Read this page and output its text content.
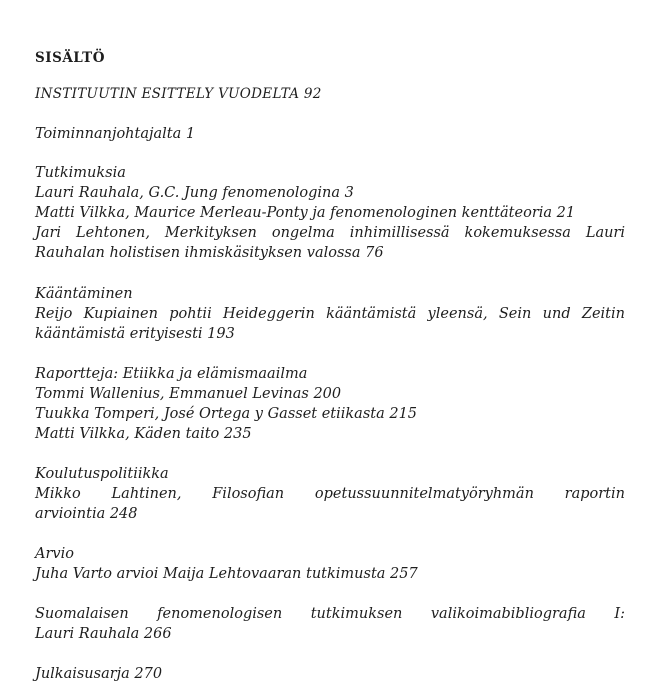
SISÄLTÖ
INSTITUUTIN ESITTELY VUODELTA 92
Toiminnanjohtajalta 1
Tutkimuksia
Lauri Rauhala, G.C. Jung fenomenologina 3
Matti Vilkka, Maurice Merleau-Ponty ja fenomenologinen kenttäteoria 21
Jari Lehtonen, Merkityksen ongelma inhimillisessä kokemuksessa Lauri
Rauhalan holistisen ihmiskäsityksen valossa 76
Kääntäminen
Reijo Kupiainen pohtii Heideggerin kääntämistä yleensä, Sein und Zeitin
kääntämistä erityisesti 193
Raportteja: Etiikka ja elämismaailma
Tommi Wallenius, Emmanuel Levinas 200
Tuukka Tomperi, José Ortega y Gasset etiikasta 215
Matti Vilkka, Käden taito 235
Koulutuspolitiikka
Mikko Lahtinen, Filosofian opetussuunnitelmatyöryhmän raportin
arviointia 248
Arvio
Juha Varto arvioi Maija Lehtovaaran tutkimusta 257
Suomalaisen fenomenologisen tutkimuksen valikoimabibliografia I:
Lauri Rauhala 266
Julkaisusarja 270
